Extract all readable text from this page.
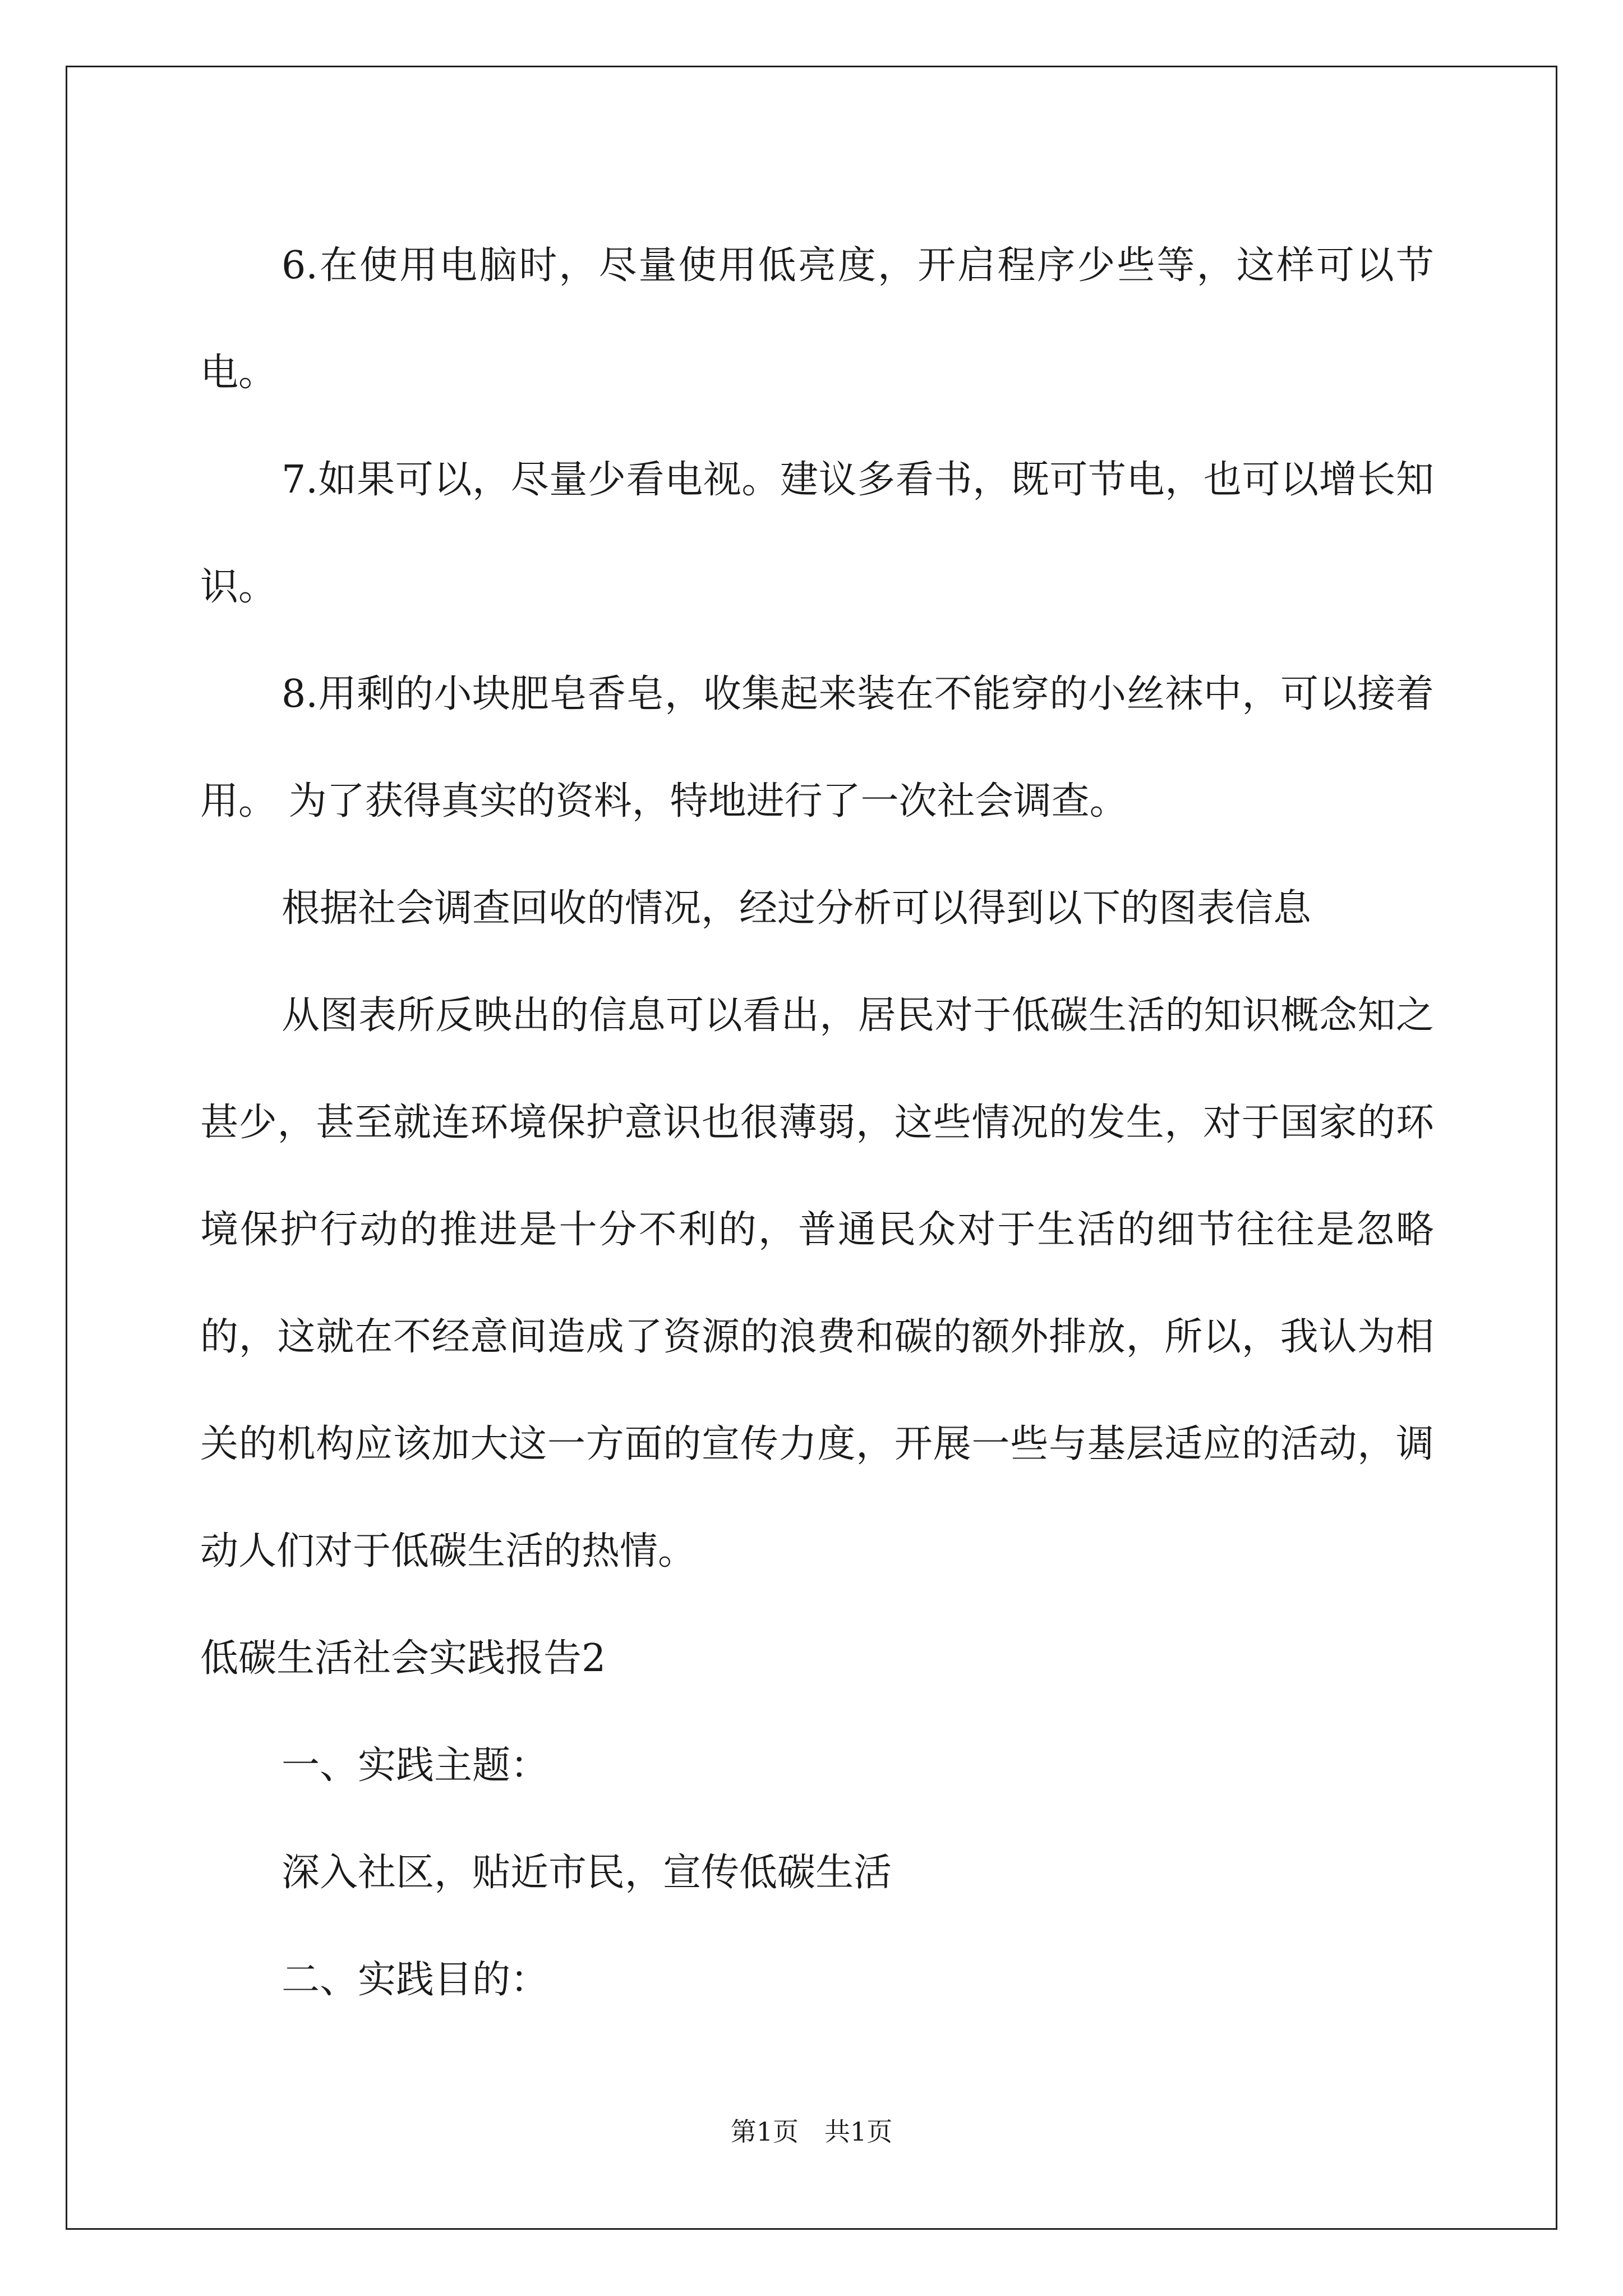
6.在使用电脑时，尽量使用低亮度，开启程序少些等，这样可以节电。

7.如果可以，尽量少看电视。建议多看书，既可节电，也可以增长知识。

8.用剩的小块肥皂香皂，收集起来装在不能穿的小丝袜中，可以接着用。 为了获得真实的资料，特地进行了一次社会调查。

根据社会调查回收的情况，经过分析可以得到以下的图表信息

从图表所反映出的信息可以看出，居民对于低碳生活的知识概念知之甚少，甚至就连环境保护意识也很薄弱，这些情况的发生，对于国家的环境保护行动的推进是十分不利的，普通民众对于生活的细节往往是忽略的，这就在不经意间造成了资源的浪费和碳的额外排放，所以，我认为相关的机构应该加大这一方面的宣传力度，开展一些与基层适应的活动，调动人们对于低碳生活的热情。

低碳生活社会实践报告2

一、实践主题：

深入社区，贴近市民，宣传低碳生活

二、实践目的：

第1页　共1页
